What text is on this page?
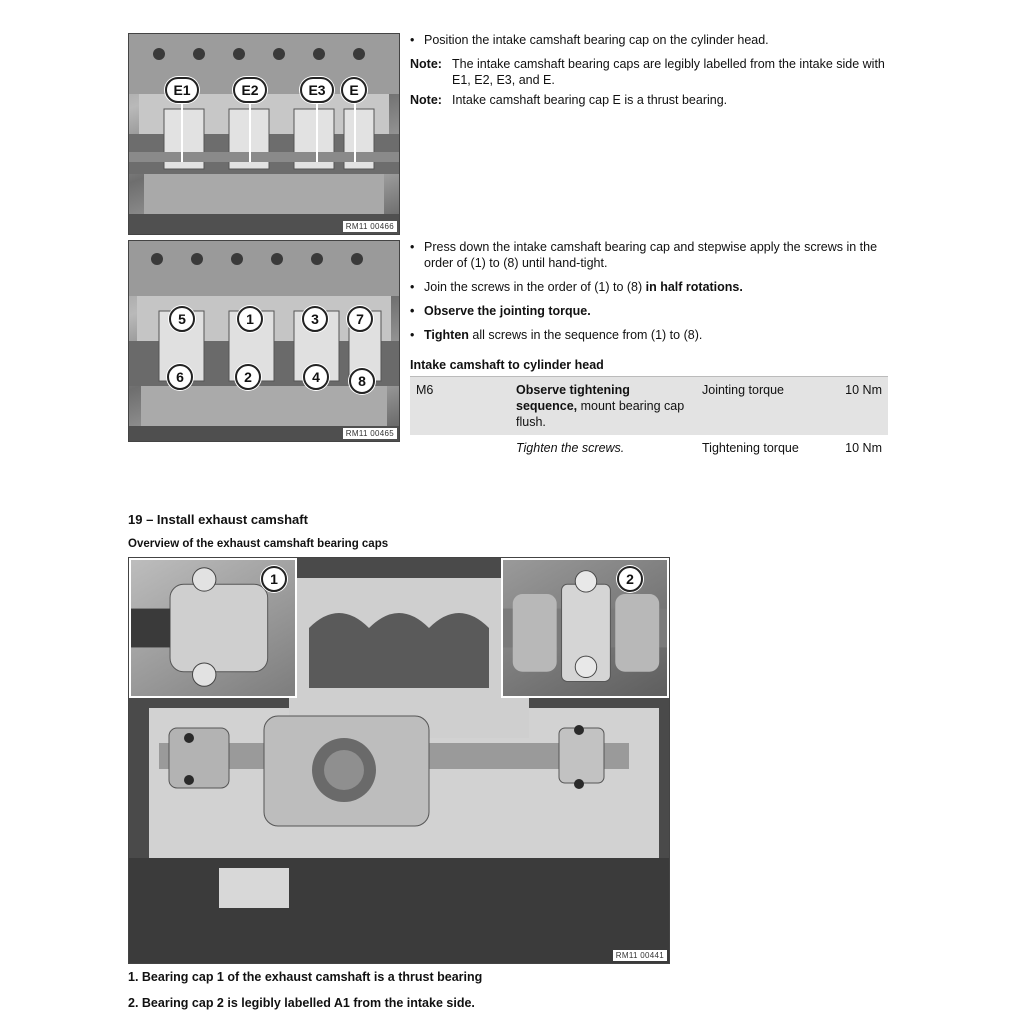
E1	E2	E3	E
RM11 00466
5	1	3	7
6	2	4	8
RM11 00465
• Position the intake camshaft bearing cap on the cylinder head.
Note: The intake camshaft bearing caps are legibly labelled from the intake side with E1, E2, E3, and E.
Note: Intake camshaft bearing cap E is a thrust bearing.
• Press down the intake camshaft bearing cap and stepwise apply the screws in the order of (1) to (8) until hand-tight.
• Join the screws in the order of (1) to (8) in half rotations.
• Observe the jointing torque.
• Tighten all screws in the sequence from (1) to (8).
Intake camshaft to cylinder head
M6	Observe tightening sequence, mount bearing cap flush.	Jointing torque	10 Nm
	Tighten the screws.	Tightening torque	10 Nm
19 – Install exhaust camshaft
Overview of the exhaust camshaft bearing caps
1	2
RM11 00441
1. Bearing cap 1 of the exhaust camshaft is a thrust bearing
2. Bearing cap 2 is legibly labelled A1 from the intake side.
